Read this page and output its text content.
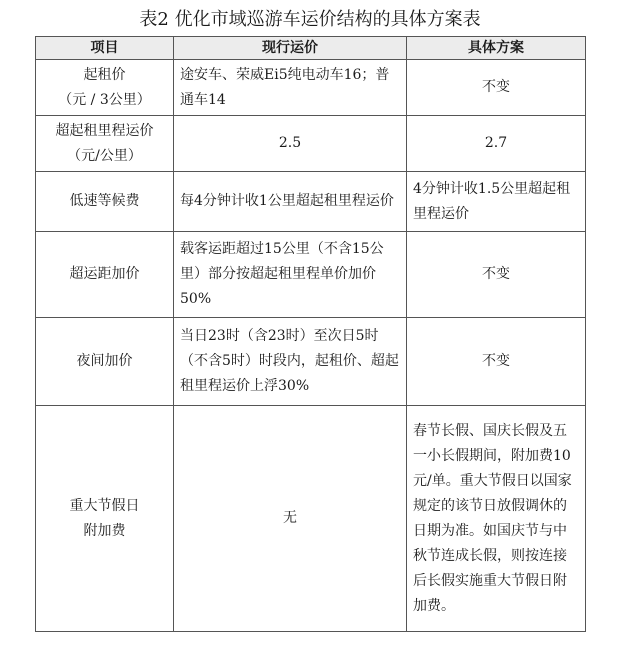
表2 优化市域巡游车运价结构的具体方案表
项目	现行运价	具体方案
起租价
（元 / 3公里）	途安车、荣威Ei5纯电动车16；普通车14	不变
超起租里程运价
（元/公里）	2.5	2.7
低速等候费	每4分钟计收1公里超起租里程运价	4分钟计收1.5公里超起租里程运价
超运距加价	载客运距超过15公里（不含15公里）部分按超起租里程单价加价50%	不变
夜间加价	当日23时（含23时）至次日5时（不含5时）时段内，起租价、超起租里程运价上浮30%	不变
重大节假日
附加费	无	春节长假、国庆长假及五一小长假期间，附加费10元/单。重大节假日以国家规定的该节日放假调休的日期为准。如国庆节与中秋节连成长假，则按连接后长假实施重大节假日附加费。
